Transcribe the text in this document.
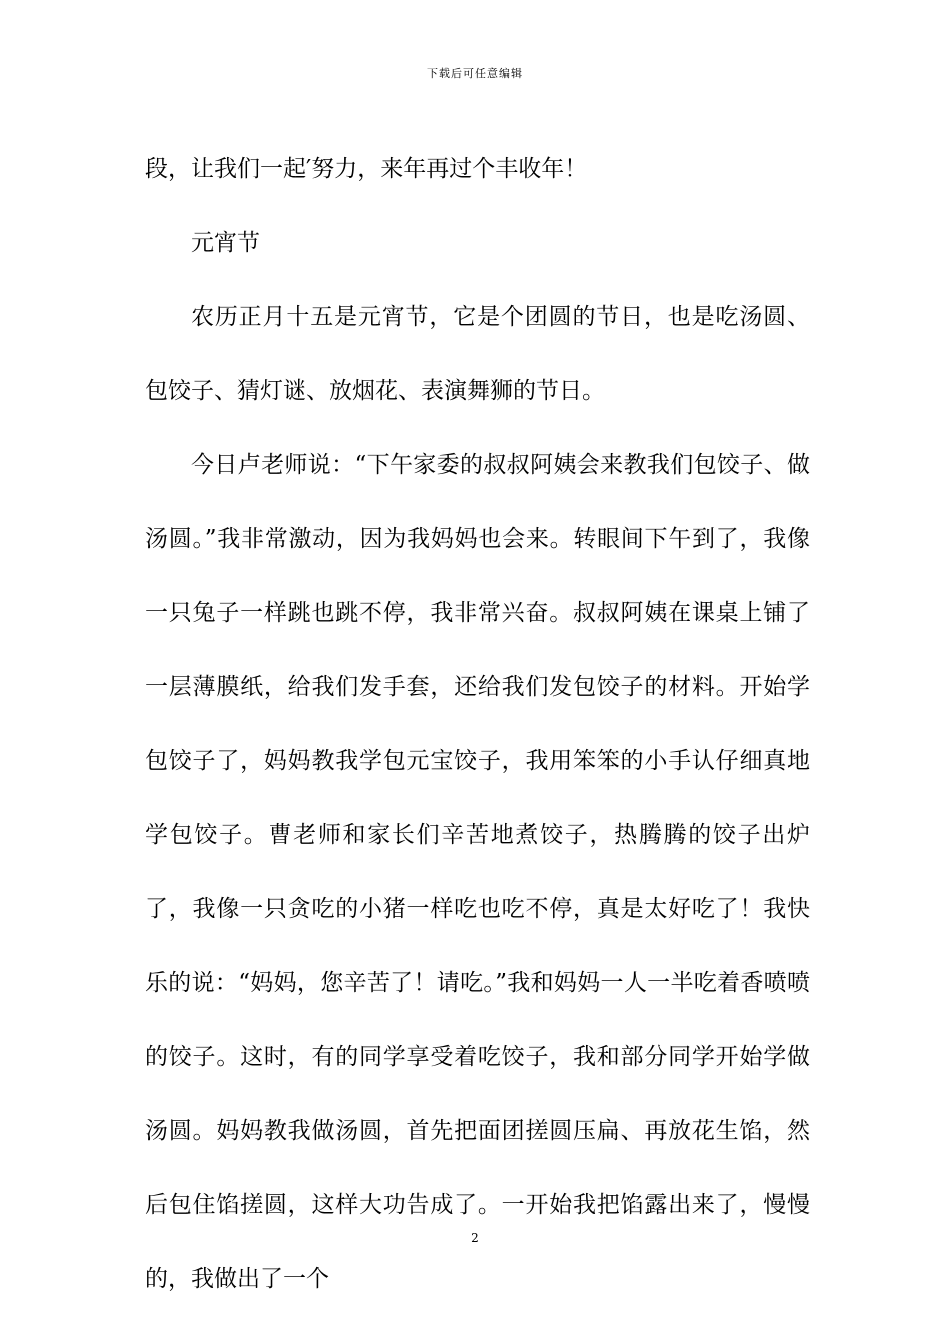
下载后可任意编辑

段，让我们一起′努力，来年再过个丰收年！

元宵节

农历正月十五是元宵节，它是个团圆的节日，也是吃汤圆、包饺子、猜灯谜、放烟花、表演舞狮的节日。

今日卢老师说：“下午家委的叔叔阿姨会来教我们包饺子、做汤圆。”我非常激动，因为我妈妈也会来。转眼间下午到了，我像一只兔子一样跳也跳不停，我非常兴奋。叔叔阿姨在课桌上铺了一层薄膜纸，给我们发手套，还给我们发包饺子的材料。开始学包饺子了，妈妈教我学包元宝饺子，我用笨笨的小手认仔细真地学包饺子。曹老师和家长们辛苦地煮饺子，热腾腾的饺子出炉了，我像一只贪吃的小猪一样吃也吃不停，真是太好吃了！我快乐的说：“妈妈，您辛苦了！请吃。”我和妈妈一人一半吃着香喷喷的饺子。这时，有的同学享受着吃饺子，我和部分同学开始学做汤圆。妈妈教我做汤圆，首先把面团搓圆压扁、再放花生馅，然后包住馅搓圆，这样大功告成了。一开始我把馅露出来了，慢慢的，我做出了一个

2
